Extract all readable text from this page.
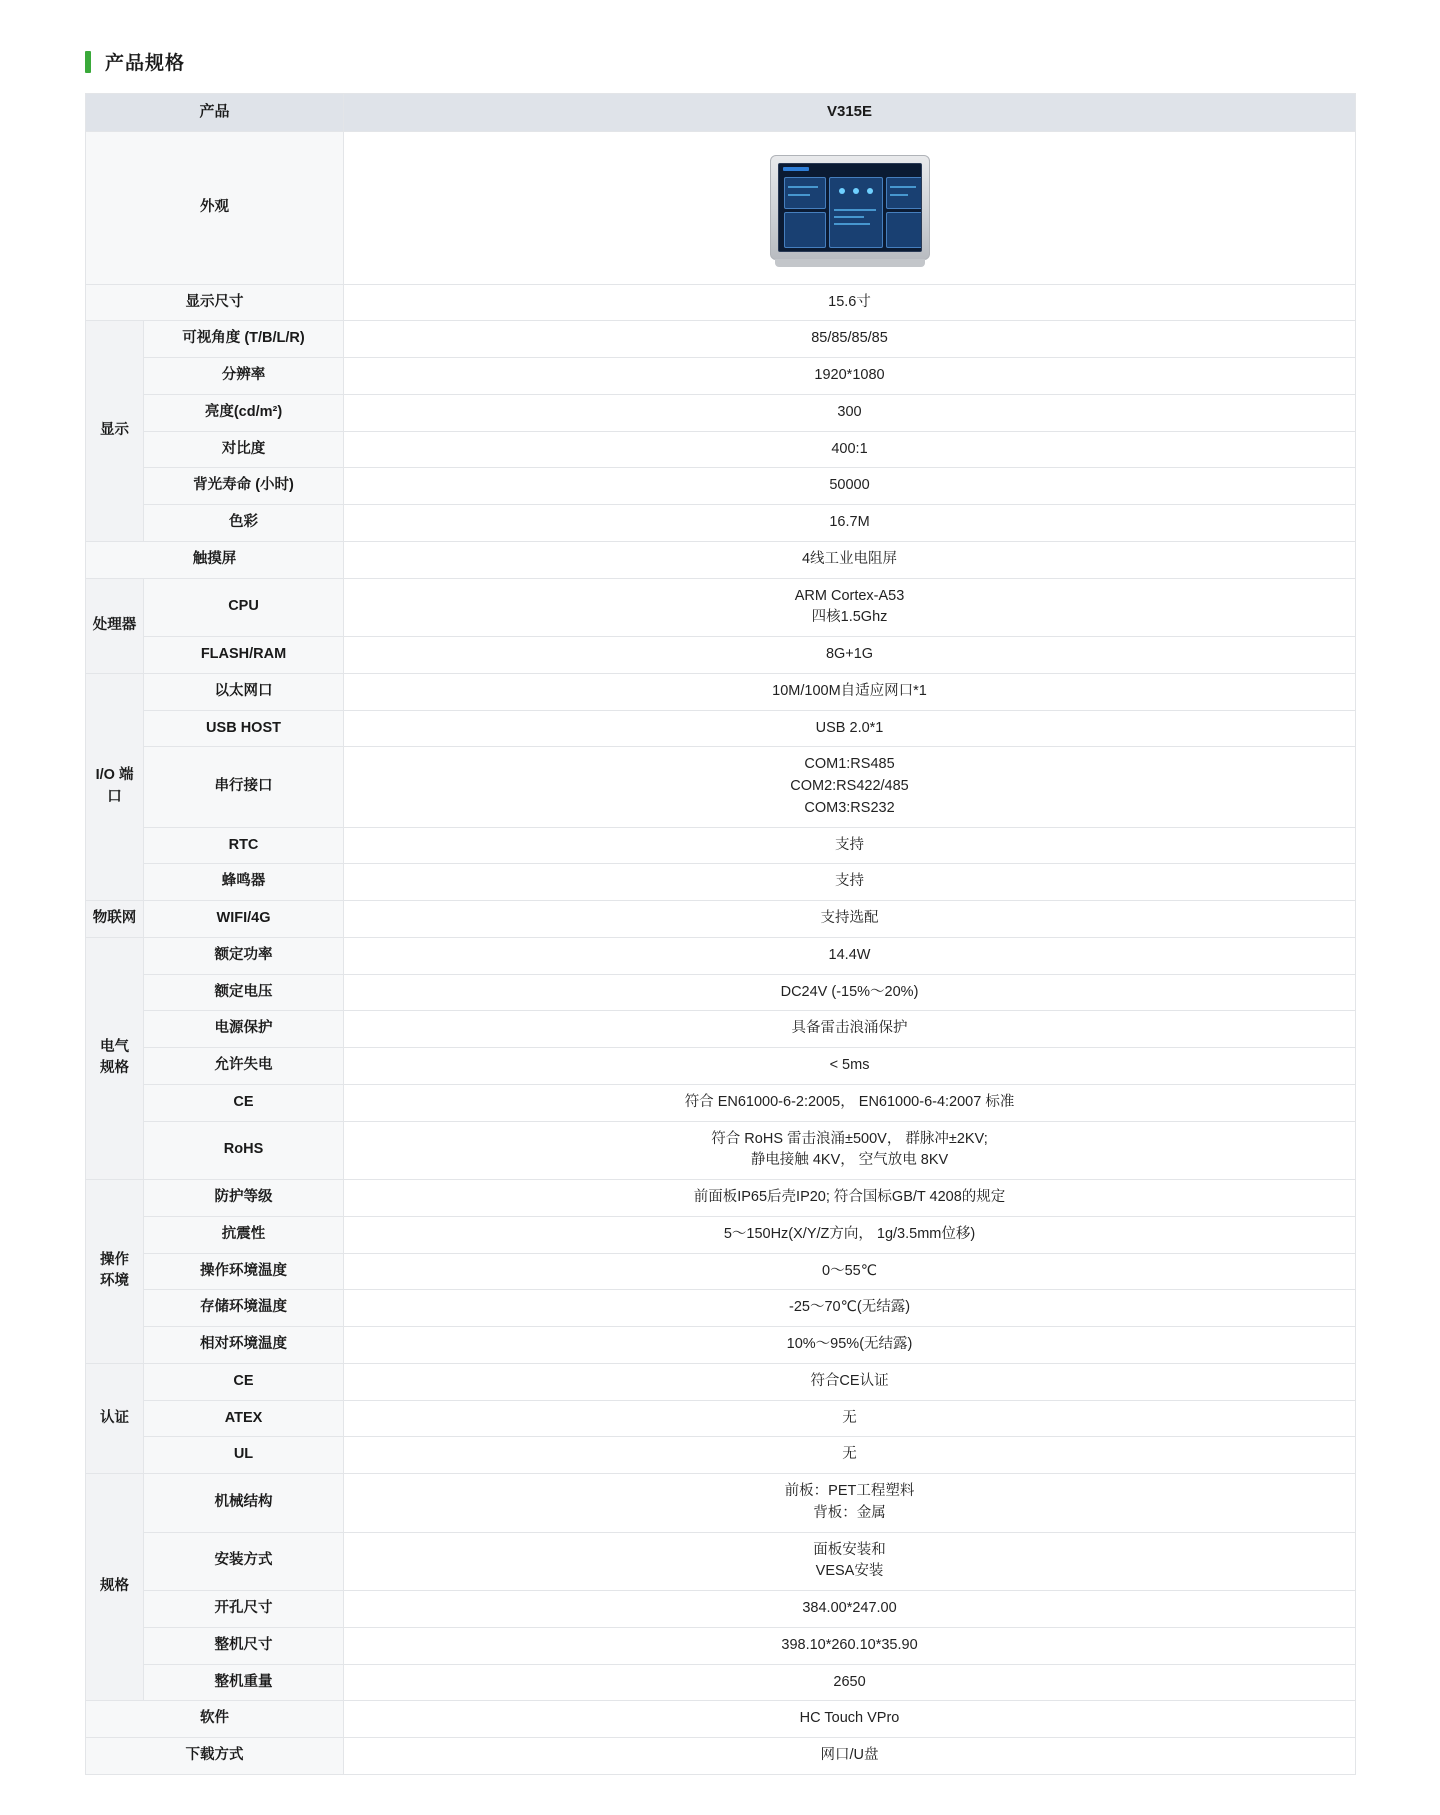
产品规格
产品		V315E
外观		

显示尺寸		15.6寸
显示	可视角度 (T/B/L/R)	85/85/85/85
	分辨率	1920*1080
	亮度(cd/m²)	300
	对比度	400:1
	背光寿命 (小时)	50000
	色彩	16.7M
触摸屏		4线工业电阻屏
处理器	CPU	ARM Cortex-A53
四核1.5Ghz

	FLASH/RAM	8G+1G
I/O 端口	以太网口	10M/100M自适应网口*1
	USB HOST	USB 2.0*1
	串行接口	COM1:RS485
COM2:RS422/485
COM3:RS232

	RTC	支持
	蜂鸣器	支持
物联网	WIFI/4G	支持选配
电气 规格	额定功率	14.4W
	额定电压	DC24V (-15%～20%)
	电源保护	具备雷击浪涌保护
	允许失电	< 5ms
	CE	符合 EN61000-6-2:2005， EN61000-6-4:2007 标准
	RoHS	符合 RoHS 雷击浪涌±500V， 群脉冲±2KV;
静电接触 4KV， 空气放电 8KV

操作 环境	防护等级	前面板IP65后壳IP20; 符合国标GB/T 4208的规定
	抗震性	5～150Hz(X/Y/Z方向， 1g/3.5mm位移)
	操作环境温度	0～55℃
	存储环境温度	-25～70℃(无结露)
	相对环境温度	10%～95%(无结露)
认证	CE	符合CE认证
	ATEX	无
	UL	无
规格	机械结构	前板：PET工程塑料
背板：金属

	安装方式	面板安装和
VESA安装

	开孔尺寸	384.00*247.00
	整机尺寸	398.10*260.10*35.90
	整机重量	2650
软件		HC Touch VPro
下载方式		网口/U盘
